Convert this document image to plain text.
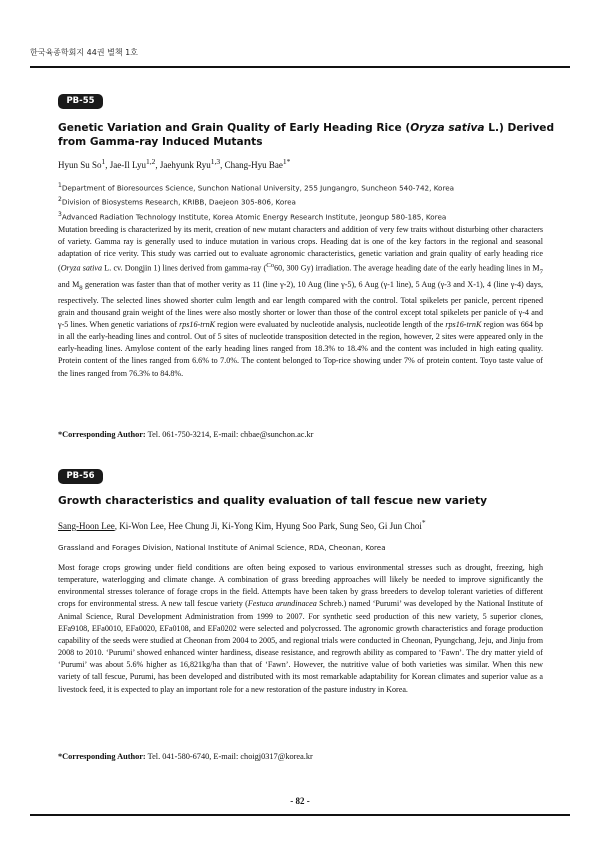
한국육종학회지 44권 별책 1호
PB-55
Genetic Variation and Grain Quality of Early Heading Rice (Oryza sativa L.) Derived from Gamma-ray Induced Mutants
Hyun Su So$^1$, Jae-Il Lyu$^{1,2}$, Jaehyunk Ryu$^{1,3}$, Chang-Hyu Bae$^{1*}$
$^1$Department of Bioresources Science, Sunchon National University, 255 Jungangro, Suncheon 540-742, Korea
$^2$Division of Biosystems Research, KRIBB, Daejeon 305-806, Korea
$^3$Advanced Radiation Technology Institute, Korea Atomic Energy Research Institute, Jeongup 580-185, Korea

Mutation breeding is characterized by its merit, creation of new mutant characters and addition of very few traits without disturbing other characters of variety. Gamma ray is generally used to induce mutation in various crops. Heading dat is one of the key factors in the regional and seasonal adaptation of rice verity. This study was carried out to evaluate agronomic characteristics, genetic variation and grain quality of early heading rice (Oryza sativa L. cv. Dongjin 1) lines derived from gamma-ray ($^{Co}$60, 300 Gy) irradiation. The average heading date of the early heading lines in $M_7$ and $M_8$ generation was faster than that of mother verity as 11 (line γ-2), 10 Aug (line γ-5), 6 Aug (γ-1 line), 5 Aug (γ-3 and X-1), 4 (line γ-4) days, respectively. The selected lines showed shorter culm length and ear length compared with the control. Total spikelets per panicle, percent ripened grain and thousand grain weight of the lines were also mostly shorter or lower than those of the control except total spikelets per panicle of γ-4 and γ-5 lines. When genetic variations of rps16-trnK region were evaluated by nucleotide analysis, nucleotide length of the rps16-trnK region was 664 bp in all the early-heading lines and control. Out of 5 sites of nucleotide transposition detected in the region, however, 2 sites were appeared only in the early-heading lines. Amylose content of the early heading lines ranged from 18.3% to 18.4% and the content was included in high eating quality. Protein content of the lines ranged from 6.6% to 7.0%. The content belonged to Top-rice showing under 7% of protein content. Toyo taste value of the lines ranged from 76.3% to 84.8%.

*Corresponding Author: Tel. 061-750-3214, E-mail: chbae@sunchon.ac.kr
PB-56
Growth characteristics and quality evaluation of tall fescue new variety
Sang-Hoon Lee, Ki-Won Lee, Hee Chung Ji, Ki-Yong Kim, Hyung Soo Park, Sung Seo, Gi Jun Choi*
Grassland and Forages Division, National Institute of Animal Science, RDA, Cheonan, Korea

Most forage crops growing under field conditions are often being exposed to various environmental stresses such as drought, freezing, high temperature, waterlogging and climate change. A combination of grass breeding approaches will likely be needed to improve significantly the environmental stresses tolerance of forage crops in the field. Attempts have been taken by grass breeders to develop tolerant varieties of different crops for environmental stress. A new tall fescue variety (Festuca arundinacea Schreb.) named ‘Purumi’ was developed by the National Institute of Animal Science, Rural Development Administration from 1999 to 2007. For synthetic seed production of this new variety, 5 superior clones, EFa9108, EFa0010, EFa0020, EFa0108, and EFa0202 were selected and polycrossed. The agronomic growth characteristics and forage production capability of the seeds were studied at Cheonan from 2004 to 2005, and regional trials were conducted in Cheonan, Pyungchang, Jeju, and Jinju from 2008 to 2010. ‘Purumi’ showed enhanced winter hardiness, disease resistance, and regrowth ability as compared to ‘Fawn’. The dry matter yield of ‘Purumi’ was about 5.6% higher as 16,821kg/ha than that of ‘Fawn’. However, the nutritive value of both varieties was similar. When this new variety of tall fescue, Purumi, has been developed and distributed with its most remarkable adaptability for Korean climates and superior value as a livestock feed, it is expected to play an important role for a new restoration of the pasture industry in Korea.

*Corresponding Author: Tel. 041-580-6740, E-mail: choigj0317@korea.kr
- 82 -
